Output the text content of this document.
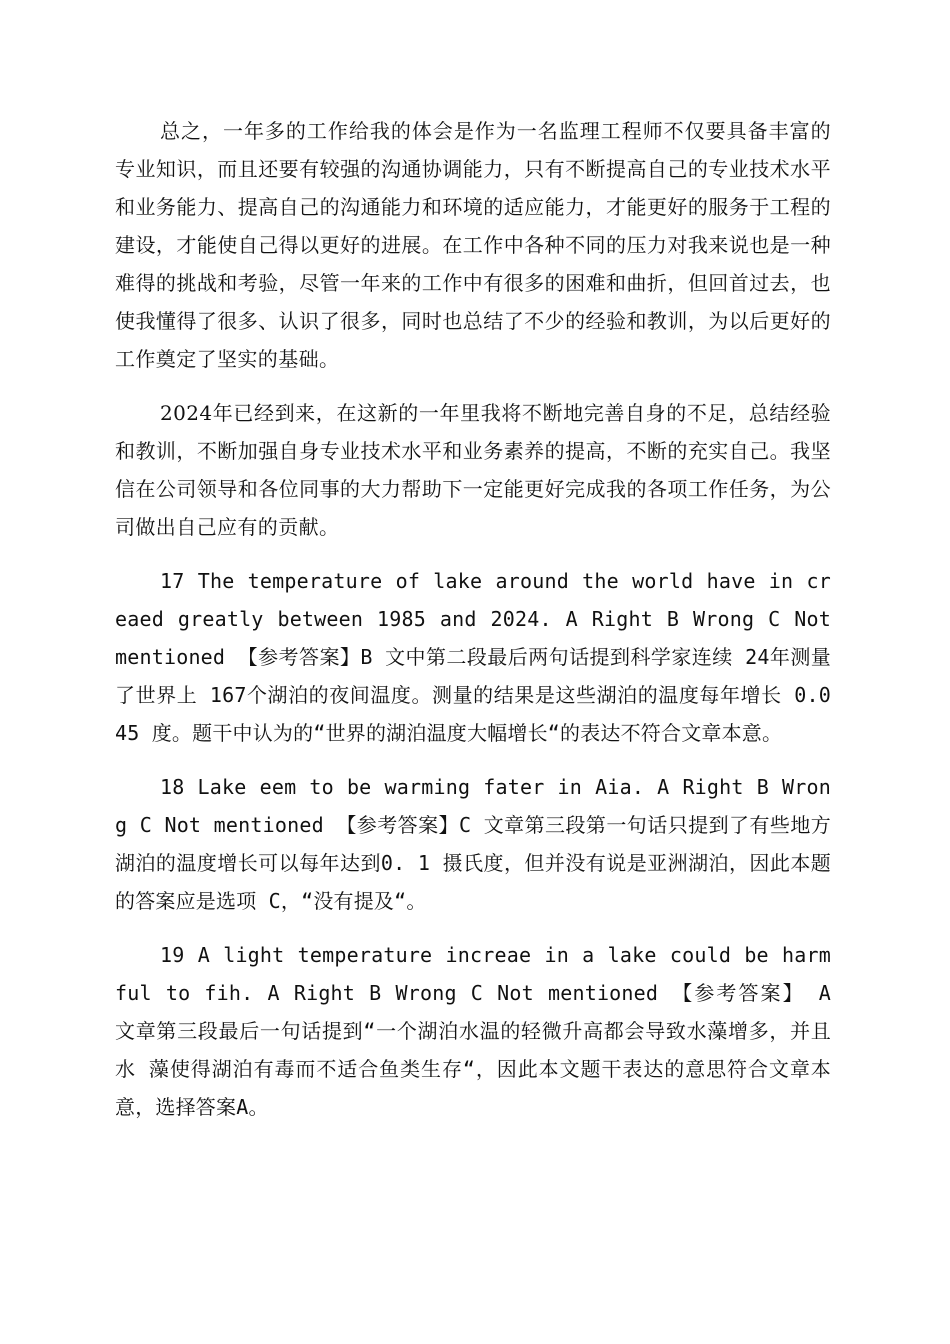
总之，一年多的工作给我的体会是作为一名监理工程师不仅要具备丰富的专业知识，而且还要有较强的沟通协调能力，只有不断提高自己的专业技术水平和业务能力、提高自己的沟通能力和环境的适应能力，才能更好的服务于工程的建设，才能使自己得以更好的进展。在工作中各种不同的压力对我来说也是一种难得的挑战和考验，尽管一年来的工作中有很多的困难和曲折，但回首过去，也使我懂得了很多、认识了很多，同时也总结了不少的经验和教训，为以后更好的工作奠定了坚实的基础。

2024年已经到来，在这新的一年里我将不断地完善自身的不足，总结经验和教训，不断加强自身专业技术水平和业务素养的提高，不断的充实自己。我坚信在公司领导和各位同事的大力帮助下一定能更好完成我的各项工作任务，为公司做出自己应有的贡献。

17 The temperature of lake around the world have in creaed greatly between 1985 and 2024. A Right B Wrong C Not mentioned 【参考答案】B 文中第二段最后两句话提到科学家连续 24年测量了世界上 167个湖泊的夜间温度。测量的结果是这些湖泊的温度每年增长 0.045 度。题干中认为的“世界的湖泊温度大幅增长“的表达不符合文章本意。

18 Lake eem to be warming fater in Aia. A Right B Wrong C Not mentioned 【参考答案】C 文章第三段第一句话只提到了有些地方湖泊的温度增长可以每年达到0. 1 摄氏度，但并没有说是亚洲湖泊，因此本题的答案应是选项 C，“没有提及“。

19 A light temperature increae in a lake could be harmful to fih. A Right B Wrong C Not mentioned 【参考答案】 A 文章第三段最后一句话提到“一个湖泊水温的轻微升高都会导致水藻增多，并且水 藻使得湖泊有毒而不适合鱼类生存“，因此本文题干表达的意思符合文章本意，选择答案A。
